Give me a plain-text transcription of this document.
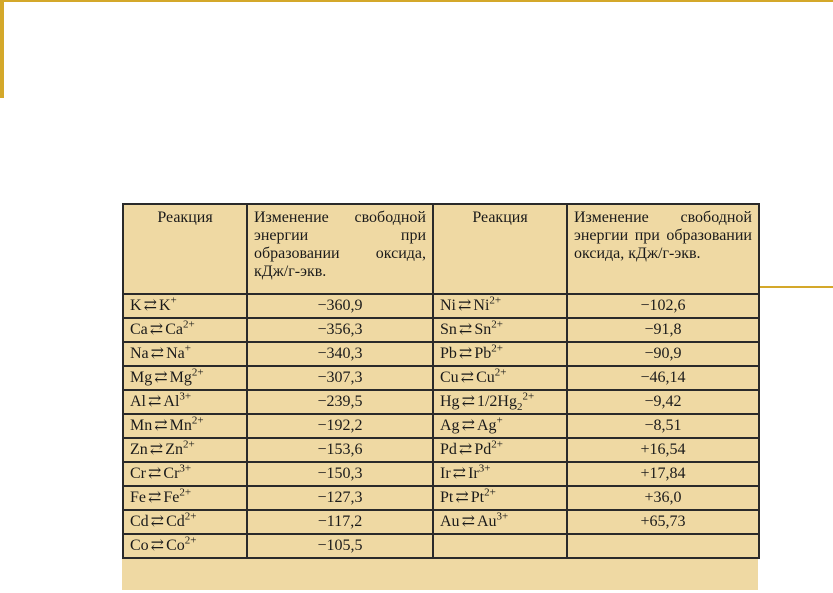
Реакция	Изменение свободной энергии при образовании оксида, кДж/г-экв.	Реакция	Изменение свободной энергии при образовании оксида, кДж/г-экв.
K ⇄ K+	−360,9	Ni ⇄ $Ni^{2+}$	−102,6
Ca ⇄ $Ca^{2+}$	−356,3	Sn ⇄ $Sn^{2+}$	−91,8
Na ⇄ Na+	−340,3	Pb ⇄ $Pb^{2+}$	−90,9
Mg ⇄ $Mg^{2+}$	−307,3	Cu ⇄ $Cu^{2+}$	−46,14
Al ⇄ $Al^{3+}$	−239,5	Hg ⇄ $1/2Hg_2^{2+}$	−9,42
Mn ⇄ $Mn^{2+}$	−192,2	Ag ⇄ Ag+	−8,51
Zn ⇄ $Zn^{2+}$	−153,6	Pd ⇄ $Pd^{2+}$	+16,54
Cr ⇄ $Cr^{3+}$	−150,3	Ir ⇄ $Ir^{3+}$	+17,84
Fe ⇄ $Fe^{2+}$	−127,3	Pt ⇄ $Pt^{2+}$	+36,0
Cd ⇄ $Cd^{2+}$	−117,2	Au ⇄ $Au^{3+}$	+65,73
Co ⇄ $Co^{2+}$	−105,5		
